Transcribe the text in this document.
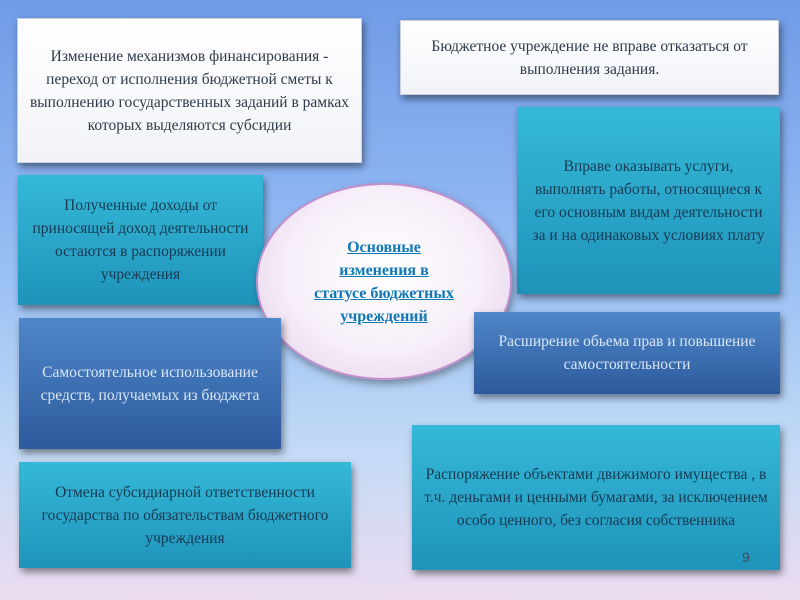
Изменение механизмов финансирования - переход от исполнения бюджетной сметы к выполнению государственных заданий в рамках которых выделяются субсидии
Бюджетное учреждение не вправе отказаться от выполнения задания.
Полученные доходы от приносящей доход деятельности остаются в распоряжении учреждения
Вправе оказывать услуги, выполнять работы, относящиеся к его основным видам деятельности за и на одинаковых условиях плату
Основные изменения в статусе бюджетных учреждений
Самостоятельное использование средств, получаемых из бюджета
Расширение обьема прав и повышение самостоятельности
Отмена субсидиарной ответственности государства по обязательствам бюджетного учреждения
Распоряжение объектами движимого имущества , в т.ч. деньгами и ценными бумагами, за исключением особо ценного, без согласия собственника
9
